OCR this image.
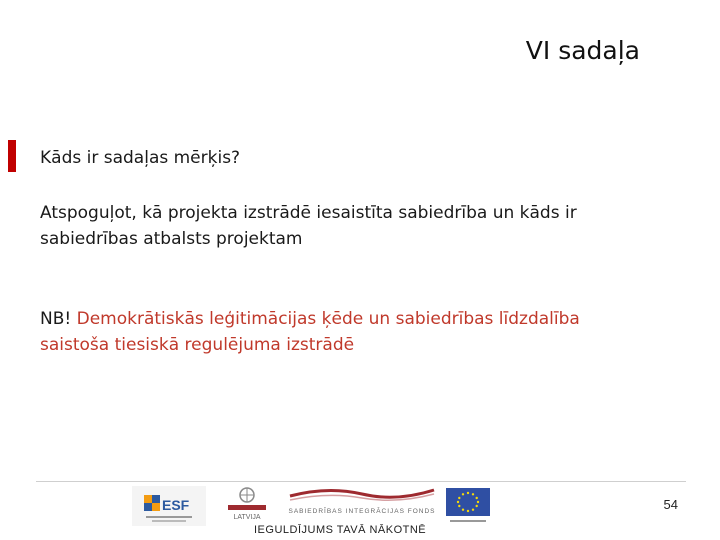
VI sadaļa
Kāds ir sadaļas mērķis?
Atspoguļot, kā projekta izstrādē iesaistīta sabiedrība un kāds ir sabiedrības atbalsts projektam
NB! Demokrātiskās leģitimācijas ķēde un sabiedrības līdzdalība saistoša tiesiskā regulējuma izstrādē
54
ESF
LATVIJA
SABIEDRĪBAS INTEGRĀCIJAS FONDS
IEGULDĪJUMS TAVĀ NĀKOTNĒ
